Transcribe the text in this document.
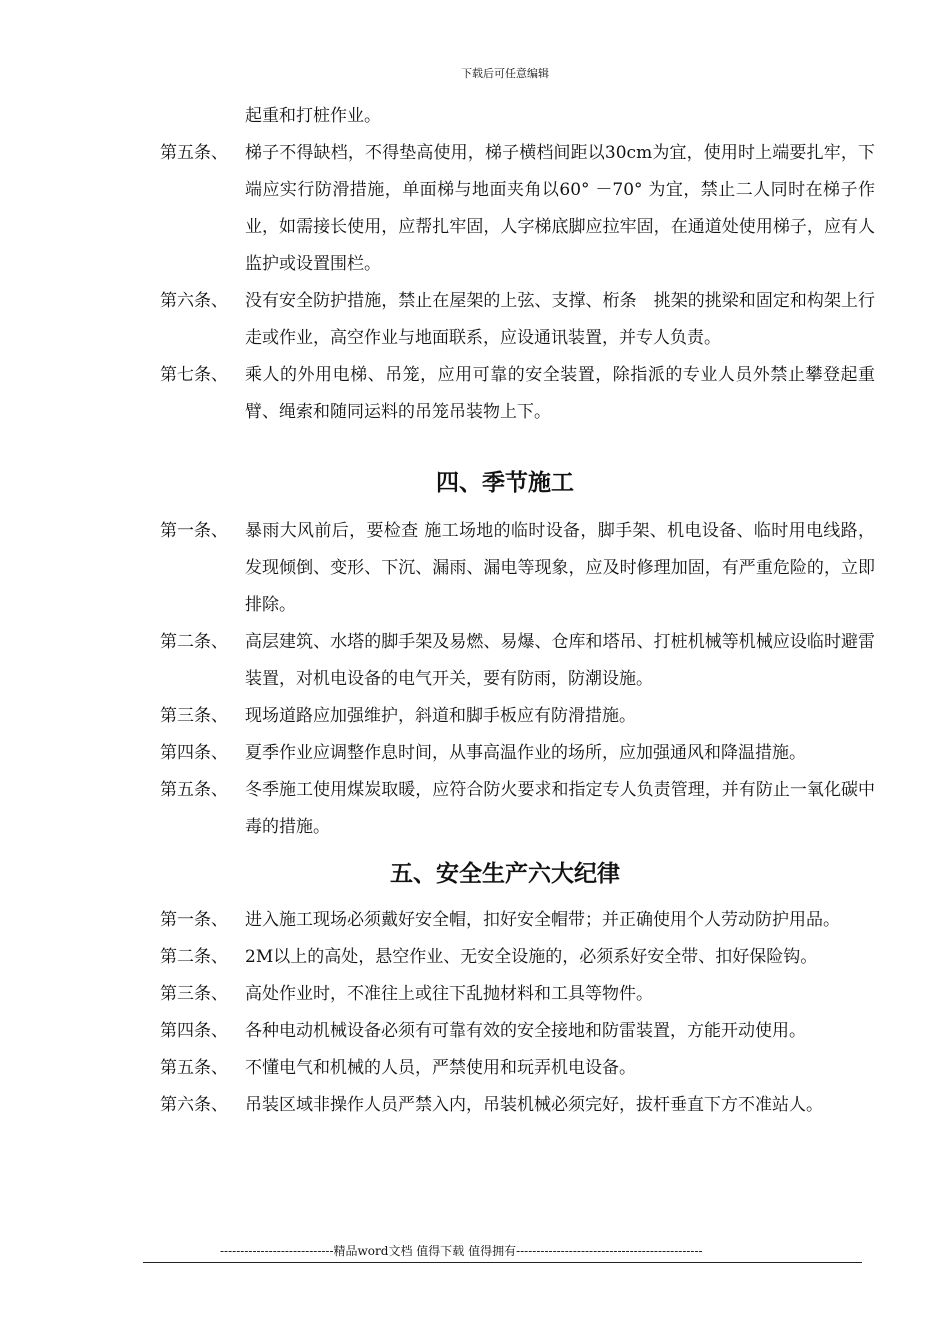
下载后可任意编辑
起重和打桩作业。
第五条、 梯子不得缺档，不得垫高使用，梯子横档间距以30cm为宜，使用时上端要扎牢，下端应实行防滑措施，单面梯与地面夹角以60° －70° 为宜，禁止二人同时在梯子作业，如需接长使用，应帮扎牢固，人字梯底脚应拉牢固，在通道处使用梯子，应有人监护或设置围栏。
第六条、 没有安全防护措施，禁止在屋架的上弦、支撑、桁条　挑架的挑梁和固定和构架上行走或作业，高空作业与地面联系，应设通讯装置，并专人负责。
第七条、 乘人的外用电梯、吊笼，应用可靠的安全装置，除指派的专业人员外禁止攀登起重臂、绳索和随同运料的吊笼吊装物上下。
四、季节施工
第一条、 暴雨大风前后，要检查 施工场地的临时设备，脚手架、机电设备、临时用电线路，发现倾倒、变形、下沉、漏雨、漏电等现象，应及时修理加固，有严重危险的，立即排除。
第二条、 高层建筑、水塔的脚手架及易燃、易爆、仓库和塔吊、打桩机械等机械应设临时避雷装置，对机电设备的电气开关，要有防雨，防潮设施。
第三条、 现场道路应加强维护，斜道和脚手板应有防滑措施。
第四条、 夏季作业应调整作息时间，从事高温作业的场所，应加强通风和降温措施。
第五条、 冬季施工使用煤炭取暖，应符合防火要求和指定专人负责管理，并有防止一氧化碳中毒的措施。
五、安全生产六大纪律
第一条、 进入施工现场必须戴好安全帽，扣好安全帽带；并正确使用个人劳动防护用品。
第二条、 2M以上的高处，悬空作业、无安全设施的，必须系好安全带、扣好保险钩。
第三条、 高处作业时，不准往上或往下乱抛材料和工具等物件。
第四条、 各种电动机械设备必须有可靠有效的安全接地和防雷装置，方能开动使用。
第五条、 不懂电气和机械的人员，严禁使用和玩弄机电设备。
第六条、 吊装区域非操作人员严禁入内，吊装机械必须完好，拔杆垂直下方不准站人。
----------------------------精品word文档 值得下载 值得拥有----------------------------------------------
